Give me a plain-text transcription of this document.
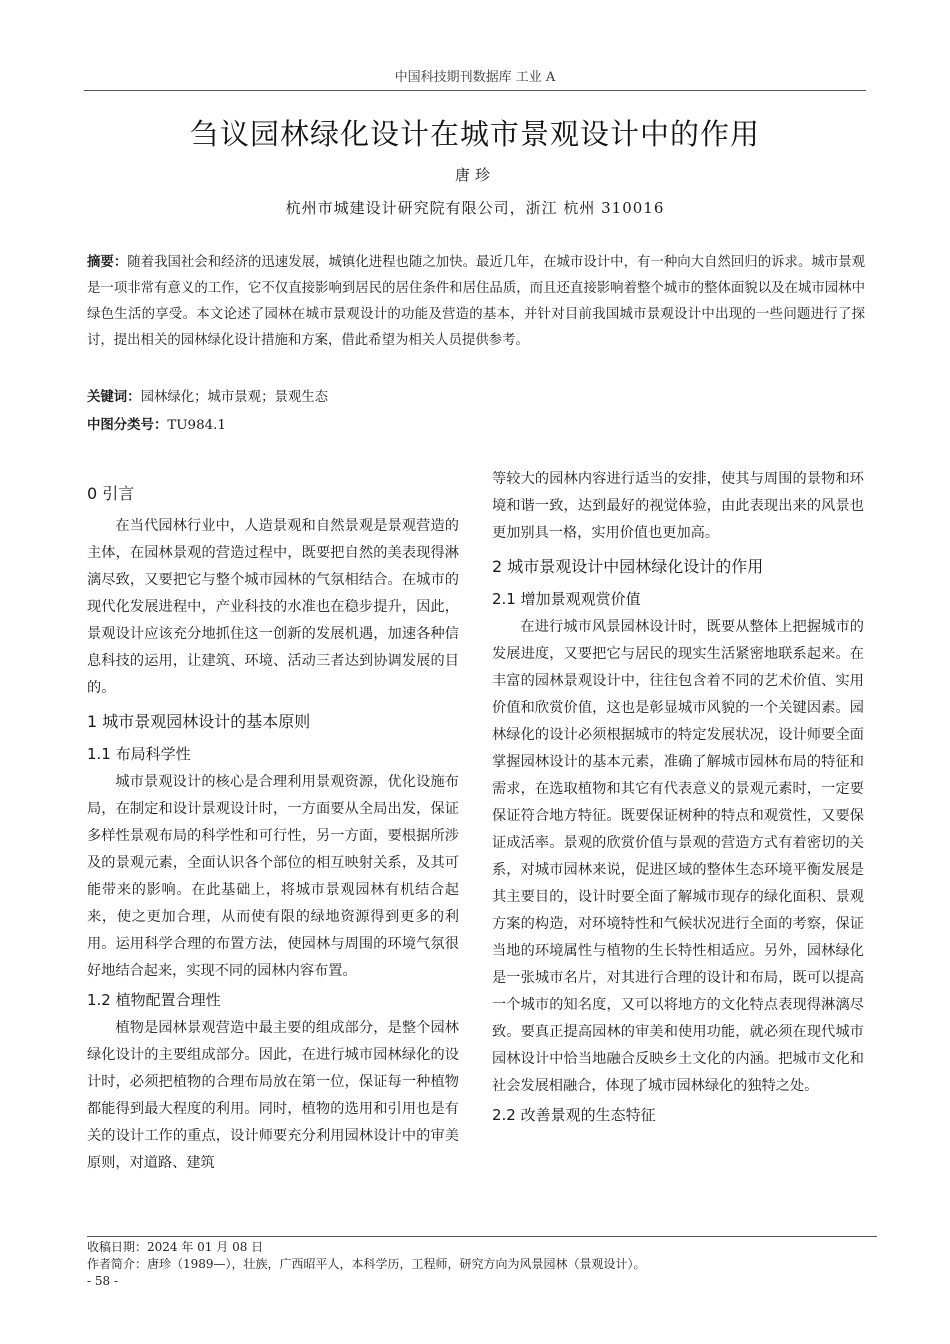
中国科技期刊数据库 工业 A
刍议园林绿化设计在城市景观设计中的作用
唐珍
杭州市城建设计研究院有限公司，浙江 杭州 310016
摘要：随着我国社会和经济的迅速发展，城镇化进程也随之加快。最近几年，在城市设计中，有一种向大自然回归的诉求。城市景观是一项非常有意义的工作，它不仅直接影响到居民的居住条件和居住品质，而且还直接影响着整个城市的整体面貌以及在城市园林中绿色生活的享受。本文论述了园林在城市景观设计的功能及营造的基本，并针对目前我国城市景观设计中出现的一些问题进行了探讨，提出相关的园林绿化设计措施和方案，借此希望为相关人员提供参考。
关键词：园林绿化；城市景观；景观生态
中图分类号：TU984.1
0 引言

在当代园林行业中，人造景观和自然景观是景观营造的主体，在园林景观的营造过程中，既要把自然的美表现得淋漓尽致，又要把它与整个城市园林的气氛相结合。在城市的现代化发展进程中，产业科技的水准也在稳步提升，因此，景观设计应该充分地抓住这一创新的发展机遇，加速各种信息科技的运用，让建筑、环境、活动三者达到协调发展的目的。

1 城市景观园林设计的基本原则
1.1 布局科学性

城市景观设计的核心是合理利用景观资源，优化设施布局，在制定和设计景观设计时，一方面要从全局出发，保证多样性景观布局的科学性和可行性，另一方面，要根据所涉及的景观元素，全面认识各个部位的相互映射关系，及其可能带来的影响。在此基础上，将城市景观园林有机结合起来，使之更加合理，从而使有限的绿地资源得到更多的利用。运用科学合理的布置方法，使园林与周围的环境气氛很好地结合起来，实现不同的园林内容布置。

1.2 植物配置合理性

植物是园林景观营造中最主要的组成部分，是整个园林绿化设计的主要组成部分。因此，在进行城市园林绿化的设计时，必须把植物的合理布局放在第一位，保证每一种植物都能得到最大程度的利用。同时，植物的选用和引用也是有关的设计工作的重点，设计师要充分利用园林设计中的审美原则，对道路、建筑

等较大的园林内容进行适当的安排，使其与周围的景物和环境和谐一致，达到最好的视觉体验，由此表现出来的风景也更加别具一格，实用价值也更加高。

2 城市景观设计中园林绿化设计的作用
2.1 增加景观观赏价值

在进行城市风景园林设计时，既要从整体上把握城市的发展进度，又要把它与居民的现实生活紧密地联系起来。在丰富的园林景观设计中，往往包含着不同的艺术价值、实用价值和欣赏价值，这也是彰显城市风貌的一个关键因素。园林绿化的设计必须根据城市的特定发展状况，设计师要全面掌握园林设计的基本元素，准确了解城市园林布局的特征和需求，在选取植物和其它有代表意义的景观元素时，一定要保证符合地方特征。既要保证树种的特点和观赏性，又要保证成活率。景观的欣赏价值与景观的营造方式有着密切的关系，对城市园林来说，促进区域的整体生态环境平衡发展是其主要目的，设计时要全面了解城市现存的绿化面积、景观方案的构造，对环境特性和气候状况进行全面的考察，保证当地的环境属性与植物的生长特性相适应。另外，园林绿化是一张城市名片，对其进行合理的设计和布局，既可以提高一个城市的知名度，又可以将地方的文化特点表现得淋漓尽致。要真正提高园林的审美和使用功能，就必须在现代城市园林设计中恰当地融合反映乡土文化的内涵。把城市文化和社会发展相融合，体现了城市园林绿化的独特之处。

2.2 改善景观的生态特征
收稿日期：2024 年 01 月 08 日
作者简介：唐珍（1989—），壮族，广西昭平人，本科学历，工程师，研究方向为风景园林（景观设计）。
- 58 -
